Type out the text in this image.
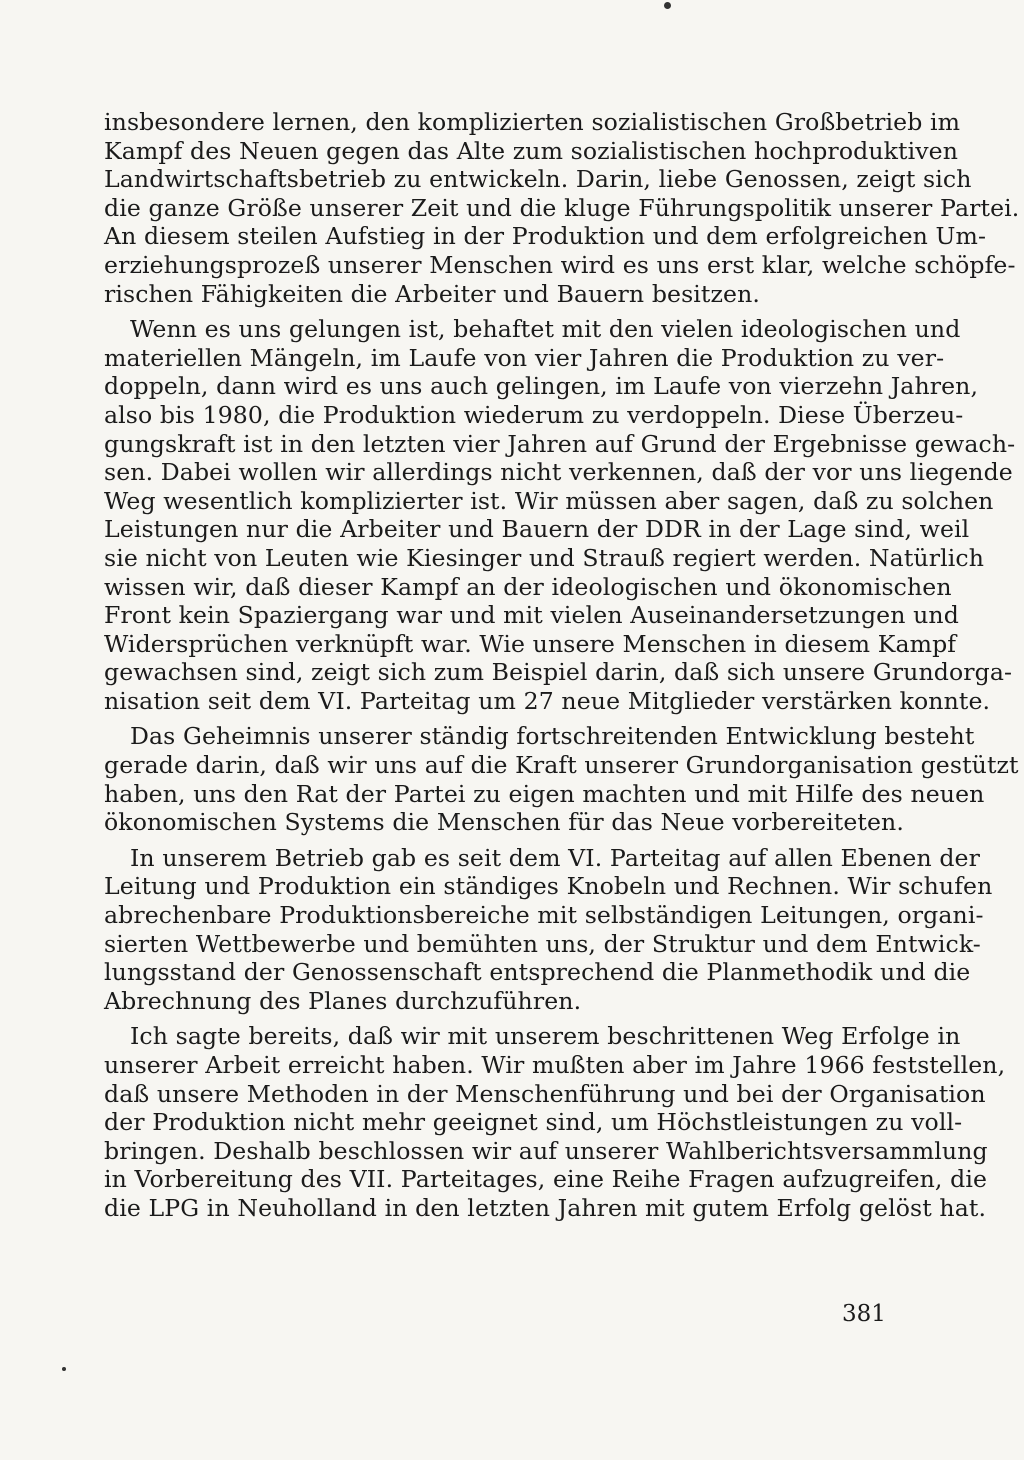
insbesondere lernen, den komplizierten sozialistischen Großbetrieb im
Kampf des Neuen gegen das Alte zum sozialistischen hochproduktiven
Landwirtschaftsbetrieb zu entwickeln. Darin, liebe Genossen, zeigt sich
die ganze Größe unserer Zeit und die kluge Führungspolitik unserer Partei.
An diesem steilen Aufstieg in der Produktion und dem erfolgreichen Um-
erziehungsprozeß unserer Menschen wird es uns erst klar, welche schöpfe-
rischen Fähigkeiten die Arbeiter und Bauern besitzen.
Wenn es uns gelungen ist, behaftet mit den vielen ideologischen und
materiellen Mängeln, im Laufe von vier Jahren die Produktion zu ver-
doppeln, dann wird es uns auch gelingen, im Laufe von vierzehn Jahren,
also bis 1980, die Produktion wiederum zu verdoppeln. Diese Überzeu-
gungskraft ist in den letzten vier Jahren auf Grund der Ergebnisse gewach-
sen. Dabei wollen wir allerdings nicht verkennen, daß der vor uns liegende
Weg wesentlich komplizierter ist. Wir müssen aber sagen, daß zu solchen
Leistungen nur die Arbeiter und Bauern der DDR in der Lage sind, weil
sie nicht von Leuten wie Kiesinger und Strauß regiert werden. Natürlich
wissen wir, daß dieser Kampf an der ideologischen und ökonomischen
Front kein Spaziergang war und mit vielen Auseinandersetzungen und
Widersprüchen verknüpft war. Wie unsere Menschen in diesem Kampf
gewachsen sind, zeigt sich zum Beispiel darin, daß sich unsere Grundorga-
nisation seit dem VI. Parteitag um 27 neue Mitglieder verstärken konnte.
Das Geheimnis unserer ständig fortschreitenden Entwicklung besteht
gerade darin, daß wir uns auf die Kraft unserer Grundorganisation gestützt
haben, uns den Rat der Partei zu eigen machten und mit Hilfe des neuen
ökonomischen Systems die Menschen für das Neue vorbereiteten.
In unserem Betrieb gab es seit dem VI. Parteitag auf allen Ebenen der
Leitung und Produktion ein ständiges Knobeln und Rechnen. Wir schufen
abrechenbare Produktionsbereiche mit selbständigen Leitungen, organi-
sierten Wettbewerbe und bemühten uns, der Struktur und dem Entwick-
lungsstand der Genossenschaft entsprechend die Planmethodik und die
Abrechnung des Planes durchzuführen.
Ich sagte bereits, daß wir mit unserem beschrittenen Weg Erfolge in
unserer Arbeit erreicht haben. Wir mußten aber im Jahre 1966 feststellen,
daß unsere Methoden in der Menschenführung und bei der Organisation
der Produktion nicht mehr geeignet sind, um Höchstleistungen zu voll-
bringen. Deshalb beschlossen wir auf unserer Wahlberichtsversammlung
in Vorbereitung des VII. Parteitages, eine Reihe Fragen aufzugreifen, die
die LPG in Neuholland in den letzten Jahren mit gutem Erfolg gelöst hat.
381
